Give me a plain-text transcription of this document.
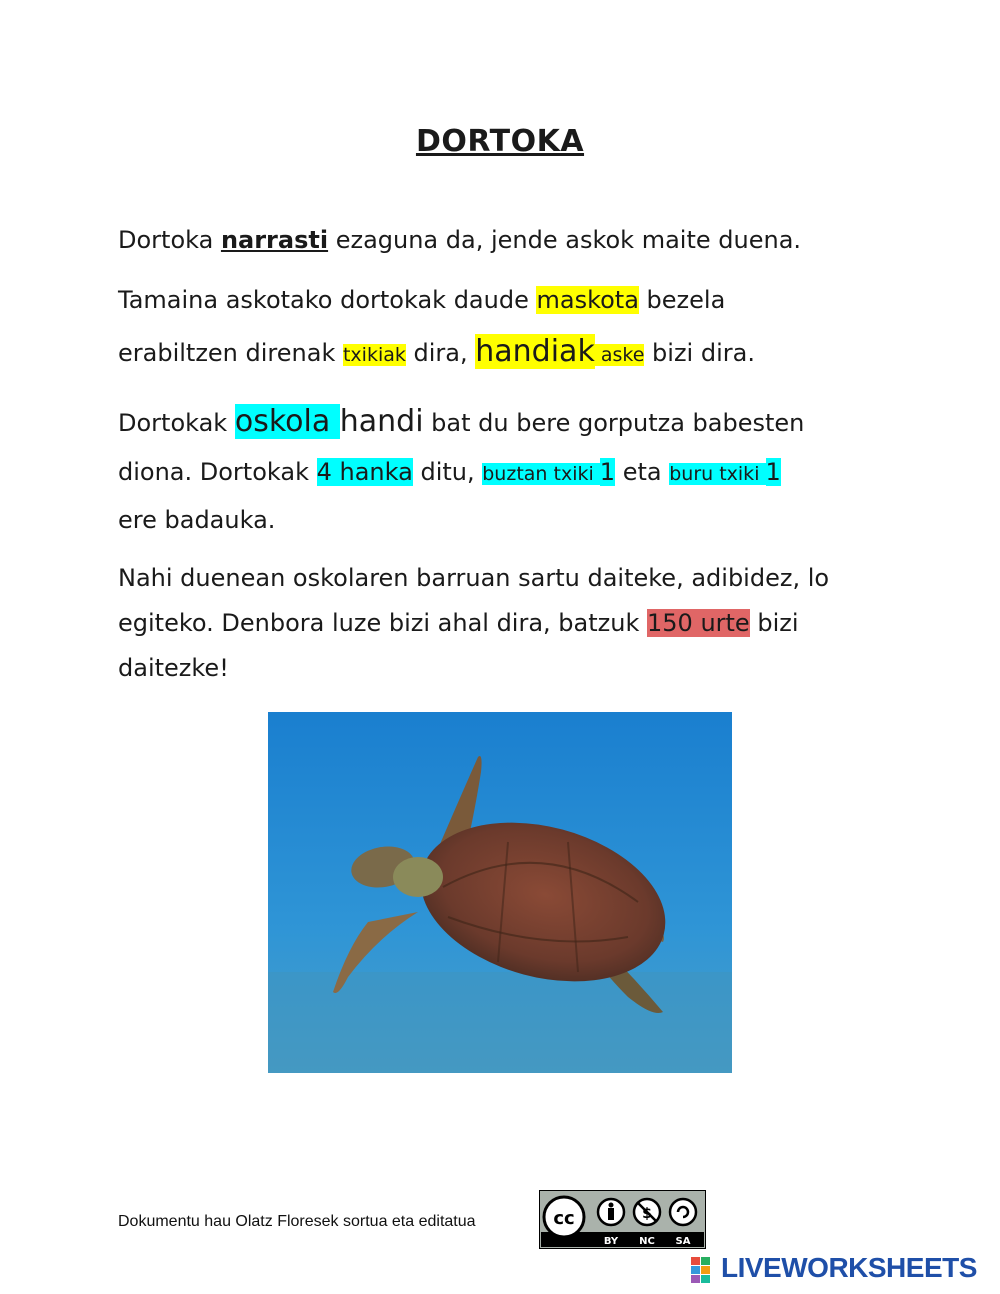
DORTOKA
Dortoka narrasti ezaguna da, jende askok maite duena.
Tamaina askotako dortokak daude maskota bezela
erabiltzen direnak txikiak dira, handiak aske bizi dira.
Dortokak oskola handi bat du bere gorputza babesten
diona. Dortokak 4 hanka ditu, buztan txiki 1 eta buru txiki 1
ere badauka.
Nahi duenean oskolaren barruan sartu daiteke, adibidez, lo
egiteko. Denbora luze bizi ahal dira, batzuk 150 urte bizi
daitezke!
Dokumentu hau Olatz Floresek sortua eta editatua	cc	$
BY NC SA
LIVEWORKSHEETS
